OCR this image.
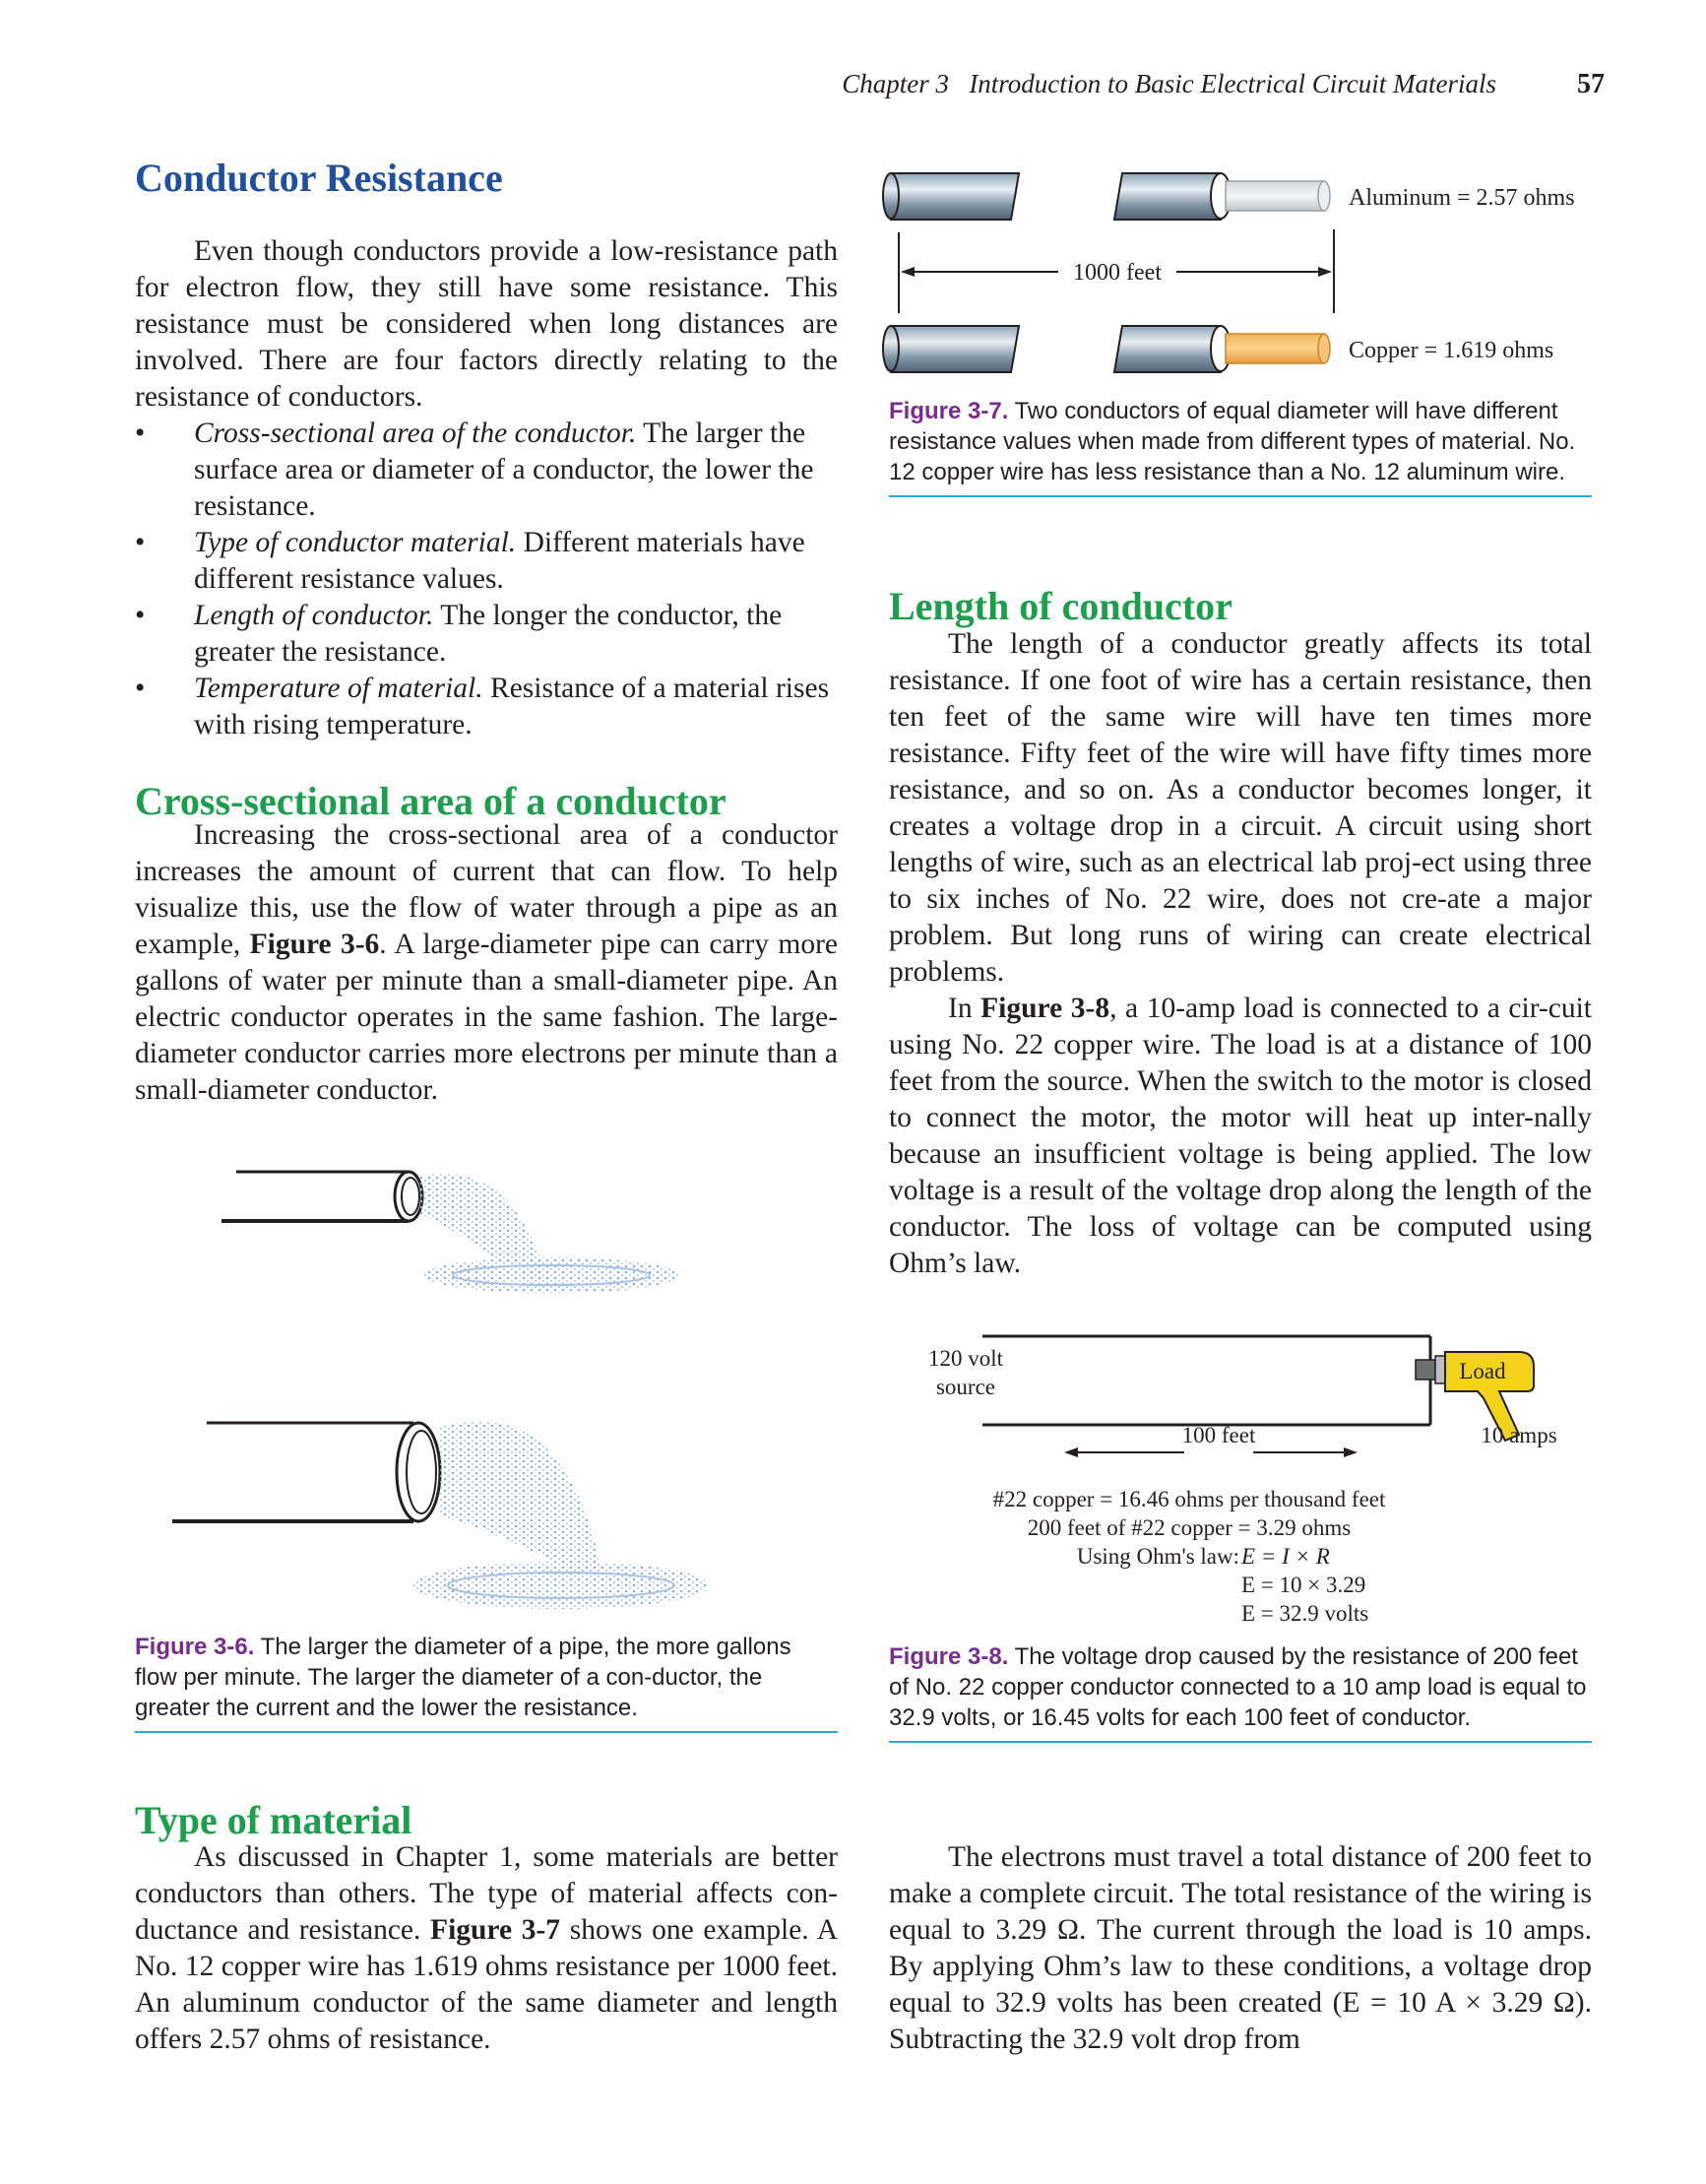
Chapter 3 Introduction to Basic Electrical Circuit Materials	57
Conductor Resistance

Even though conductors provide a low-resistance path for electron flow, they still have some resistance. This resistance must be considered when long distances are involved. There are four factors directly relating to the resistance of conductors.

• Cross-sectional area of the conductor. The larger the surface area or diameter of a conductor, the lower the resistance.
• Type of conductor material. Different materials have different resistance values.
• Length of conductor. The longer the conductor, the greater the resistance.
• Temperature of material. Resistance of a material rises with rising temperature.
Cross-sectional area of a conductor

Increasing the cross-sectional area of a conductor increases the amount of current that can flow. To help visualize this, use the flow of water through a pipe as an example, Figure 3-6. A large-diameter pipe can carry more gallons of water per minute than a small-diameter pipe. An electric conductor operates in the same fashion. The large-diameter conductor carries more electrons per minute than a small-diameter conductor.

Figure 3-6. The larger the diameter of a pipe, the more gallons flow per minute. The larger the diameter of a con-ductor, the greater the current and the lower the resistance.
Type of material

As discussed in Chapter 1, some materials are better conductors than others. The type of material affects con-ductance and resistance. Figure 3-7 shows one example. A No. 12 copper wire has 1.619 ohms resistance per 1000 feet. An aluminum conductor of the same diameter and length offers 2.57 ohms of resistance.

Aluminum = 2.57 ohms
1000 feet
Copper = 1.619 ohms
Figure 3-7. Two conductors of equal diameter will have different resistance values when made from different types of material. No. 12 copper wire has less resistance than a No. 12 aluminum wire.
Length of conductor

The length of a conductor greatly affects its total resistance. If one foot of wire has a certain resistance, then ten feet of the same wire will have ten times more resistance. Fifty feet of the wire will have fifty times more resistance, and so on. As a conductor becomes longer, it creates a voltage drop in a circuit. A circuit using short lengths of wire, such as an electrical lab proj-ect using three to six inches of No. 22 wire, does not cre-ate a major problem. But long runs of wiring can create electrical problems.

In Figure 3-8, a 10-amp load is connected to a cir-cuit using No. 22 copper wire. The load is at a distance of 100 feet from the source. When the switch to the motor is closed to connect the motor, the motor will heat up inter-nally because an insufficient voltage is being applied. The low voltage is a result of the voltage drop along the length of the conductor. The loss of voltage can be computed using Ohm’s law.

120 volt
source
Load
100 feet	10 amps
#22 copper = 16.46 ohms per thousand feet
200 feet of #22 copper = 3.29 ohms
Using Ohm's law: E = I × R
E = 10 × 3.29
E = 32.9 volts
Figure 3-8. The voltage drop caused by the resistance of 200 feet of No. 22 copper conductor connected to a 10 amp load is equal to 32.9 volts, or 16.45 volts for each 100 feet of conductor.

The electrons must travel a total distance of 200 feet to make a complete circuit. The total resistance of the wiring is equal to 3.29 Ω. The current through the load is 10 amps. By applying Ohm’s law to these conditions, a voltage drop equal to 32.9 volts has been created (E = 10 A × 3.29 Ω). Subtracting the 32.9 volt drop from
